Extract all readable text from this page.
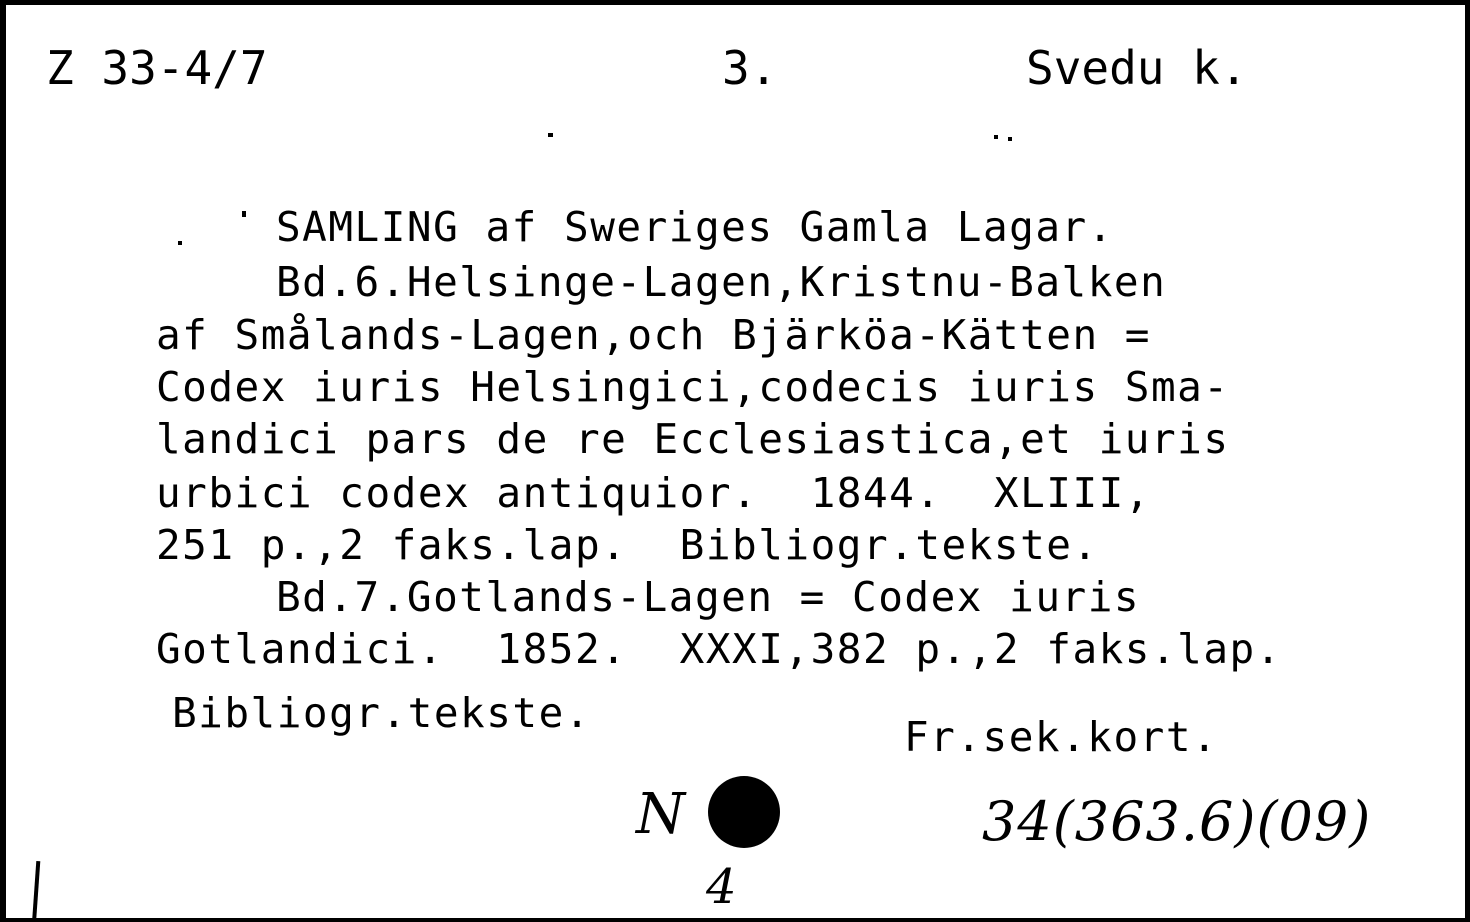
Z 33-4/7	3.	Svedu k.
SAMLING af Sweriges Gamla Lagar.
Bd.6.Helsinge-Lagen,Kristnu-Balken
af Smålands-Lagen,och Bjärköa-Kätten =
Codex iuris Helsingici,codecis iuris Sma-
landici pars de re Ecclesiastica,et iuris
urbici codex antiquior.  1844.  XLIII,
251 p.,2 faks.lap.  Bibliogr.tekste.
Bd.7.Gotlands-Lagen = Codex iuris
Gotlandici.  1852.  XXXI,382 p.,2 faks.lap.
Bibliogr.tekste.	Fr.sek.kort.
N
4
34(363.6)(09)
